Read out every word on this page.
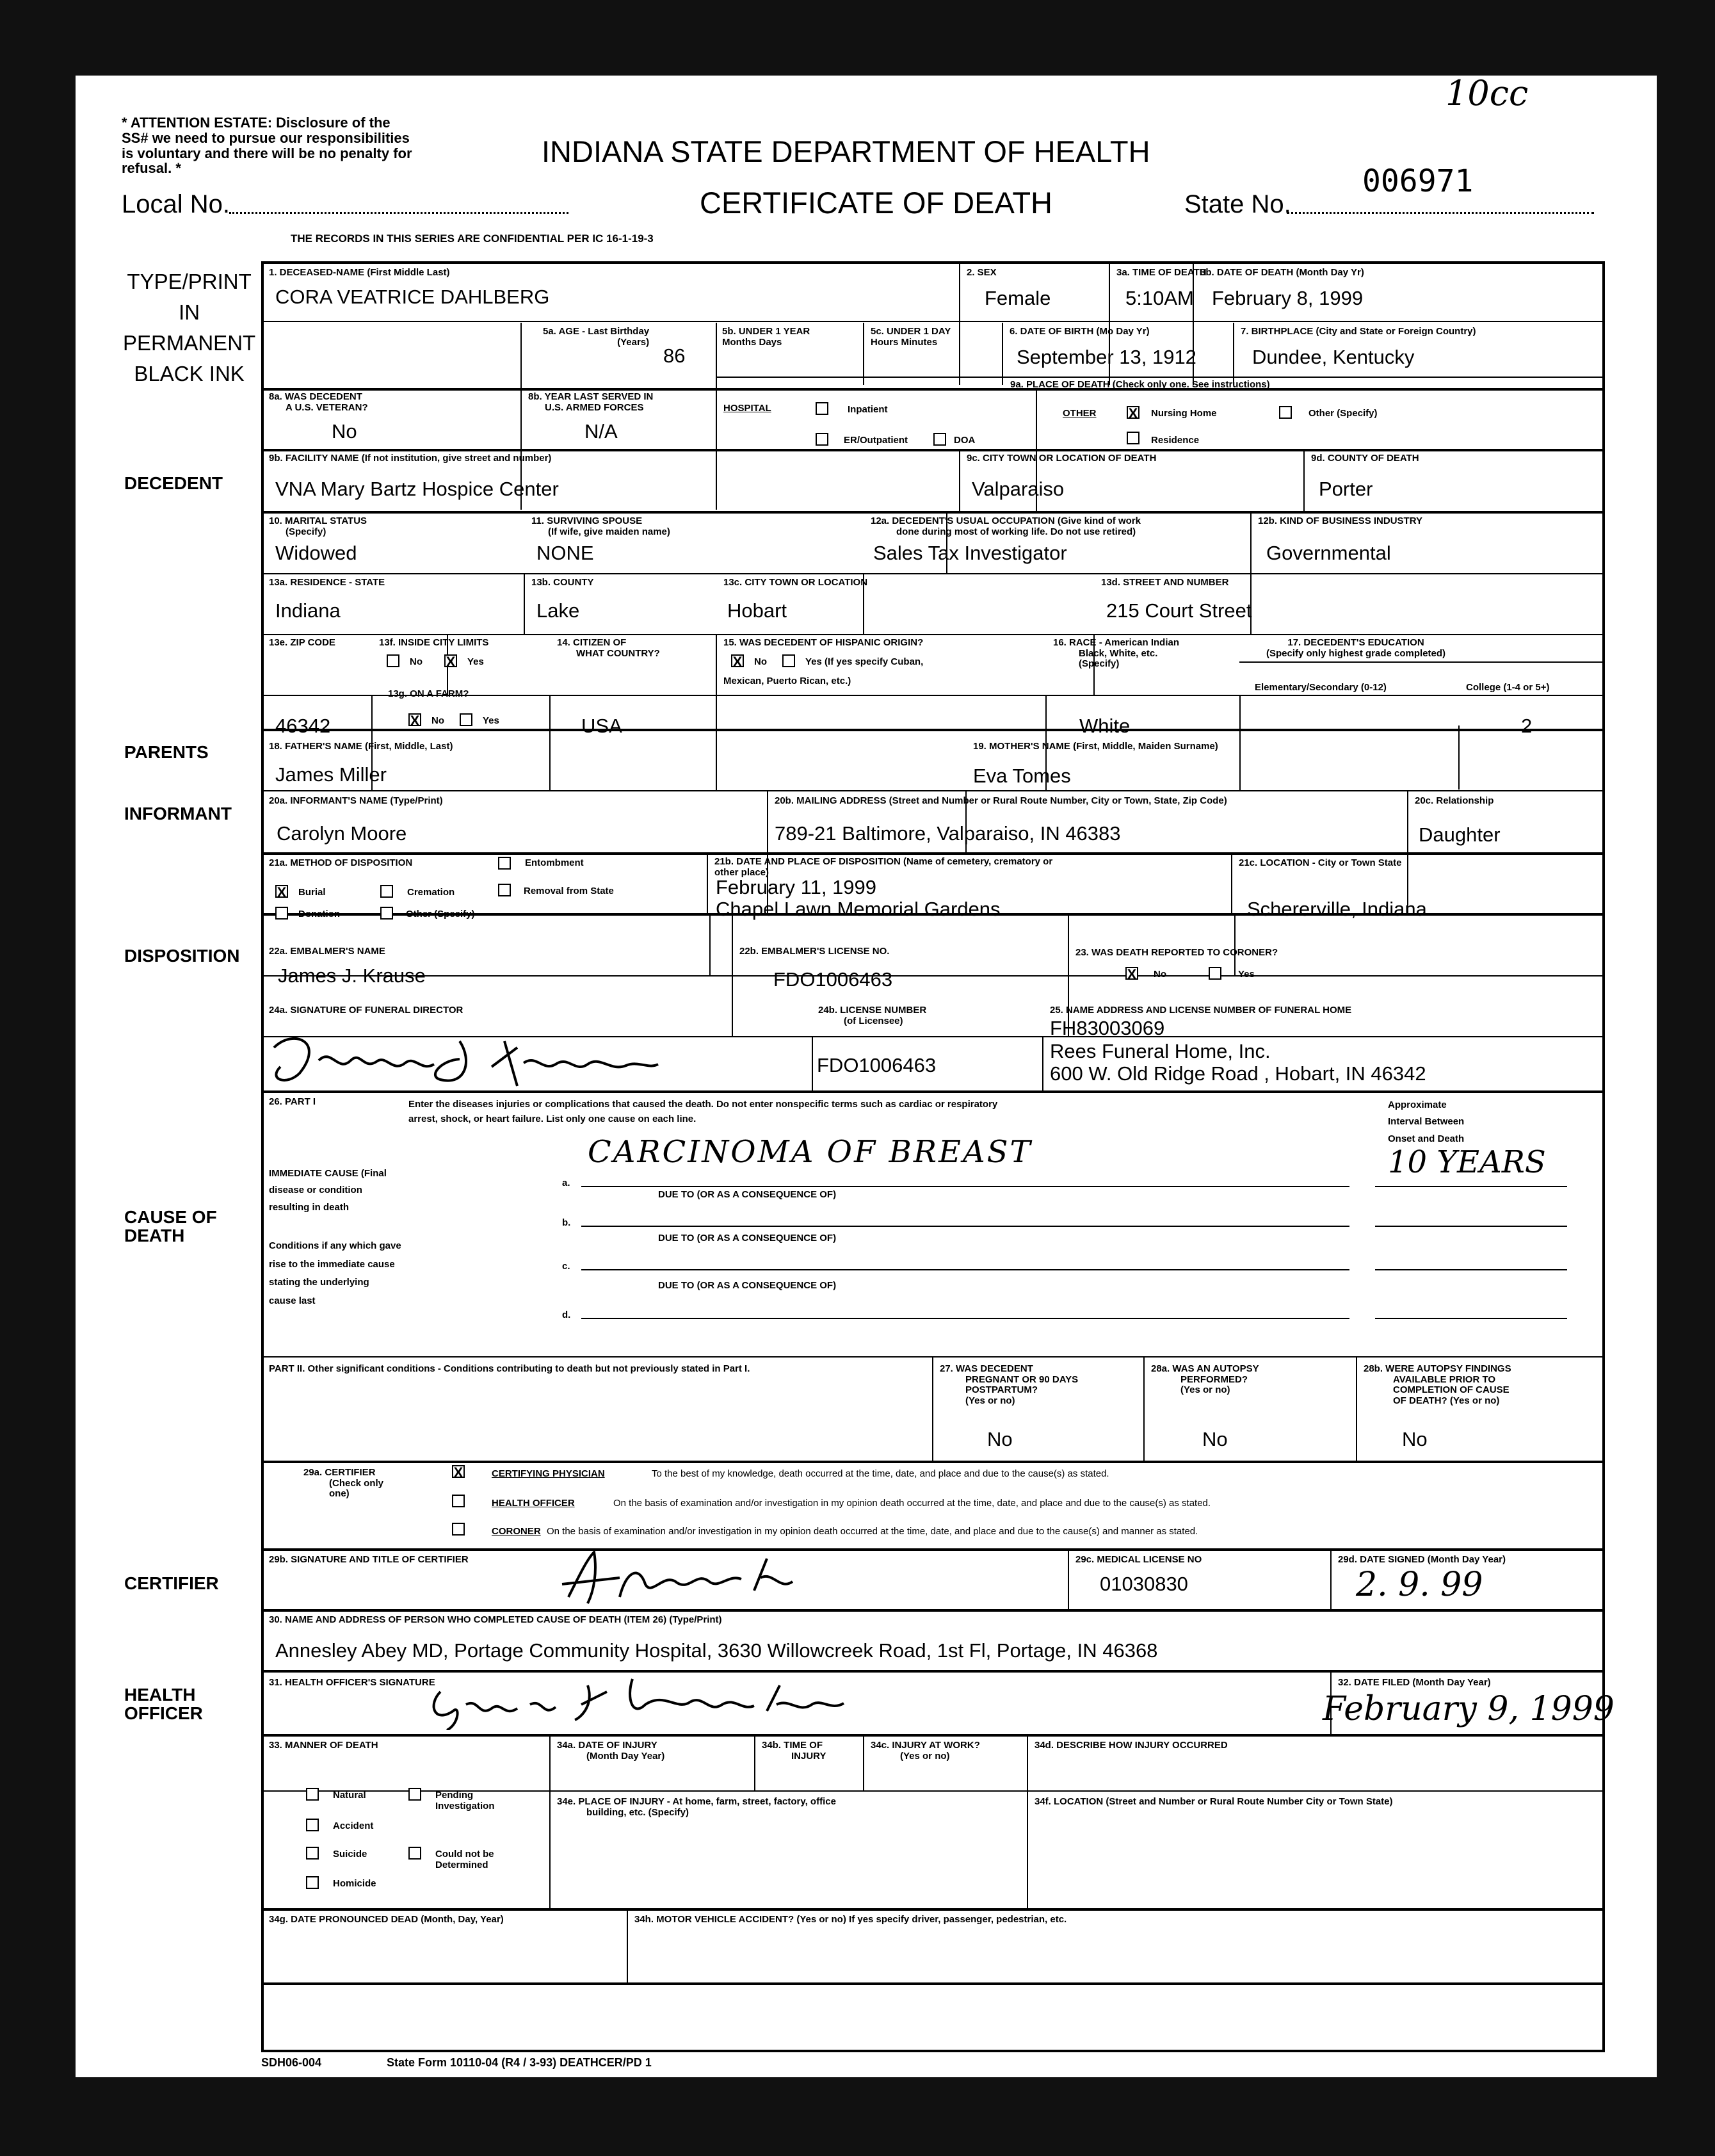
* ATTENTION ESTATE: Disclosure of the
SS# we need to pursue our responsibilities
is voluntary and there will be no penalty for
refusal. *
10cc
INDIANA STATE DEPARTMENT OF HEALTH
CERTIFICATE OF DEATH
Local No.	State No.
006971
THE RECORDS IN THIS SERIES ARE CONFIDENTIAL PER IC 16-1-19-3
TYPE/PRINT
IN
PERMANENT
BLACK INK
DECEDENT
PARENTS
INFORMANT
DISPOSITION
CAUSE OF
DEATH
CERTIFIER
HEALTH
OFFICER
1. DECEASED-NAME (First Middle Last)
CORA VEATRICE DAHLBERG
2. SEX
Female
3a. TIME OF DEATH
5:10AM
3b. DATE OF DEATH (Month Day Yr)
February 8, 1999
5a. AGE - Last Birthday
(Years)
86
5b. UNDER 1 YEAR
Months Days
5c. UNDER 1 DAY
Hours Minutes
6. DATE OF BIRTH (Mo Day Yr)
September 13, 1912
7. BIRTHPLACE (City and State or Foreign Country)
Dundee, Kentucky
8a. WAS DECEDENT
A U.S. VETERAN?
No
8b. YEAR LAST SERVED IN
U.S. ARMED FORCES
N/A
9a. PLACE OF DEATH (Check only one. See instructions)
HOSPITAL	Inpatient
ER/Outpatient	DOA
OTHER X Nursing Home	Other (Specify)
Residence
9b. FACILITY NAME (If not institution, give street and number)
VNA Mary Bartz Hospice Center
9c. CITY TOWN OR LOCATION OF DEATH
Valparaiso
9d. COUNTY OF DEATH
Porter
10. MARITAL STATUS
(Specify)
Widowed
11. SURVIVING SPOUSE
(If wife, give maiden name)
NONE
12a. DECEDENT'S USUAL OCCUPATION (Give kind of work
done during most of working life. Do not use retired)
Sales Tax Investigator
12b. KIND OF BUSINESS INDUSTRY
Governmental
13a. RESIDENCE - STATE
Indiana
13b. COUNTY
Lake
13c. CITY TOWN OR LOCATION
Hobart
13d. STREET AND NUMBER
215 Court Street
13e. ZIP CODE
46342
13f. INSIDE CITY LIMITS
No X Yes
13g. ON A FARM?
X No	Yes
14. CITIZEN OF
WHAT COUNTRY?
USA
15. WAS DECEDENT OF HISPANIC ORIGIN?
X No	Yes (If yes specify Cuban,
Mexican, Puerto Rican, etc.)
16. RACE - American Indian
Black, White, etc.
(Specify)
White
17. DECEDENT'S EDUCATION
(Specify only highest grade completed)
Elementary/Secondary (0-12)	College (1-4 or 5+)
2
18. FATHER'S NAME (First, Middle, Last)
James Miller
19. MOTHER'S NAME (First, Middle, Maiden Surname)
Eva Tomes
20a. INFORMANT'S NAME (Type/Print)
Carolyn Moore
20b. MAILING ADDRESS (Street and Number or Rural Route Number, City or Town, State, Zip Code)
789-21 Baltimore, Valparaiso, IN 46383
20c. Relationship
Daughter
21a. METHOD OF DISPOSITION	Entombment
X Burial	Cremation	Removal from State
Donation	Other (Specify)
21b. DATE AND PLACE OF DISPOSITION (Name of cemetery, crematory or
other place)
February 11, 1999
Chapel Lawn Memorial Gardens
21c. LOCATION - City or Town State
Schererville, Indiana
22a. EMBALMER'S NAME
James J. Krause
22b. EMBALMER'S LICENSE NO.
FDO1006463
23. WAS DEATH REPORTED TO CORONER?
X No	Yes
24a. SIGNATURE OF FUNERAL DIRECTOR	24b. LICENSE NUMBER
(of Licensee)
FDO1006463
25. NAME ADDRESS AND LICENSE NUMBER OF FUNERAL HOME
FH83003069
Rees Funeral Home, Inc.
600 W. Old Ridge Road , Hobart, IN 46342
26. PART I	Enter the diseases injuries or complications that caused the death. Do not enter nonspecific terms such as cardiac or respiratory
arrest, shock, or heart failure. List only one cause on each line.
Approximate
Interval Between
Onset and Death
IMMEDIATE CAUSE (Final
disease or condition
resulting in death
a.
CARCINOMA OF BREAST	10 YEARS
DUE TO (OR AS A CONSEQUENCE OF)
b.
Conditions if any which gave
rise to the immediate cause
stating the underlying
cause last
DUE TO (OR AS A CONSEQUENCE OF)
c.
DUE TO (OR AS A CONSEQUENCE OF)
d.
PART II. Other significant conditions - Conditions contributing to death but not previously stated in Part I.	27. WAS DECEDENT
PREGNANT OR 90 DAYS
POSTPARTUM?
(Yes or no)
No
28a. WAS AN AUTOPSY
PERFORMED?
(Yes or no)
No
28b. WERE AUTOPSY FINDINGS
AVAILABLE PRIOR TO
COMPLETION OF CAUSE
OF DEATH? (Yes or no)
No
29a. CERTIFIER
(Check only
one)
X	CERTIFYING PHYSICIAN	To the best of my knowledge, death occurred at the time, date, and place and due to the cause(s) as stated.
HEALTH OFFICER	On the basis of examination and/or investigation in my opinion death occurred at the time, date, and place and due to the cause(s) as stated.
CORONER On the basis of examination and/or investigation in my opinion death occurred at the time, date, and place and due to the cause(s) and manner as stated.
29b. SIGNATURE AND TITLE OF CERTIFIER	29c. MEDICAL LICENSE NO
01030830
29d. DATE SIGNED (Month Day Year)
2. 9. 99
30. NAME AND ADDRESS OF PERSON WHO COMPLETED CAUSE OF DEATH (ITEM 26) (Type/Print)
Annesley Abey MD, Portage Community Hospital, 3630 Willowcreek Road, 1st Fl, Portage, IN 46368
31. HEALTH OFFICER'S SIGNATURE	32. DATE FILED (Month Day Year)
February 9, 1999
33. MANNER OF DEATH
Natural	Pending
Investigation
Accident
Suicide	Could not be
Determined
Homicide
34a. DATE OF INJURY
(Month Day Year)
34b. TIME OF
INJURY
34c. INJURY AT WORK?
(Yes or no)
34d. DESCRIBE HOW INJURY OCCURRED
34e. PLACE OF INJURY - At home, farm, street, factory, office
building, etc. (Specify)
34f. LOCATION (Street and Number or Rural Route Number City or Town State)
34g. DATE PRONOUNCED DEAD (Month, Day, Year)	34h. MOTOR VEHICLE ACCIDENT? (Yes or no) If yes specify driver, passenger, pedestrian, etc.
SDH06-004	State Form 10110-04 (R4 / 3-93) DEATHCER/PD 1
